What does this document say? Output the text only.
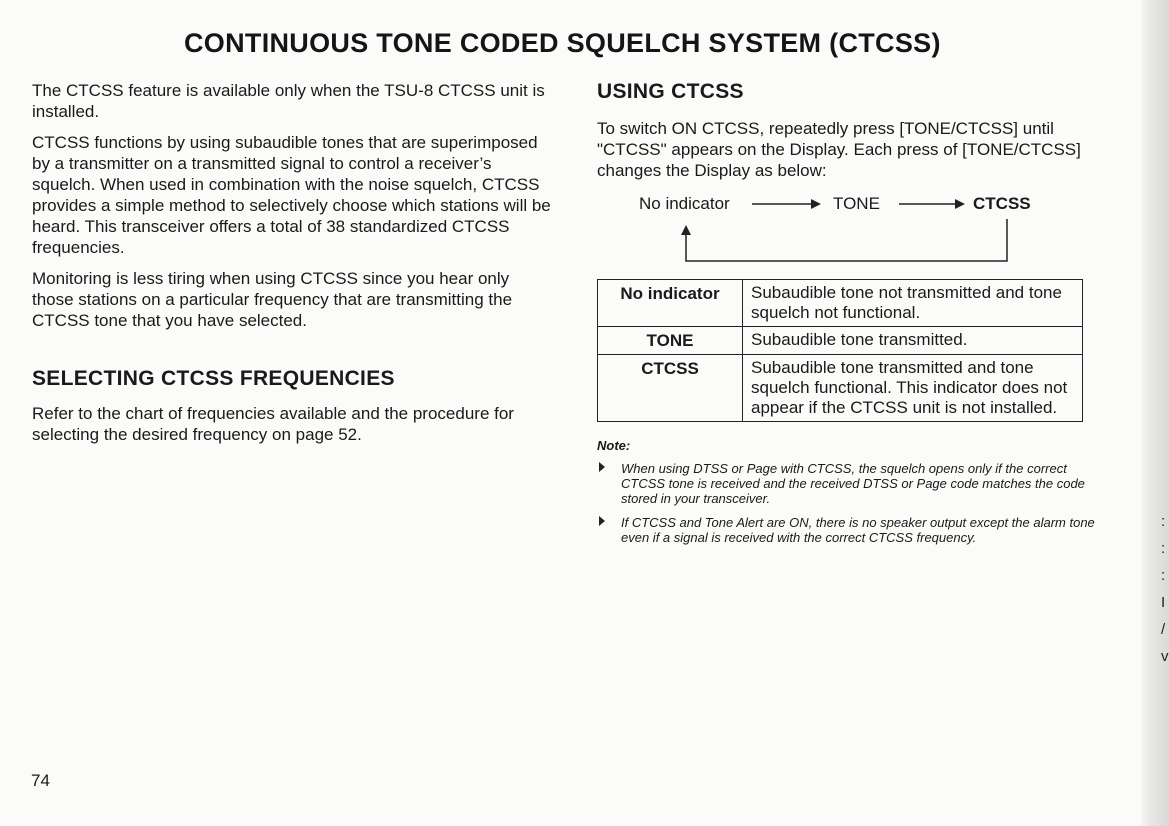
:
:
:
I
/
v
CONTINUOUS TONE CODED SQUELCH SYSTEM (CTCSS)

The CTCSS feature is available only when the TSU-8 CTCSS unit is installed.

CTCSS functions by using subaudible tones that are superimposed by a transmitter on a transmitted signal to control a receiver’s squelch. When used in combination with the noise squelch, CTCSS provides a simple method to selectively choose which stations will be heard. This transceiver offers a total of 38 standardized CTCSS frequencies.

Monitoring is less tiring when using CTCSS since you hear only those stations on a particular frequency that are transmitting the CTCSS tone that you have selected.

SELECTING CTCSS FREQUENCIES

Refer to the chart of frequencies available and the procedure for selecting the desired frequency on page 52.

USING CTCSS

To switch ON CTCSS, repeatedly press [TONE/CTCSS] until "CTCSS" appears on the Display. Each press of [TONE/CTCSS] changes the Display as below:

No indicator	TONE	CTCSS
No indicator	Subaudible tone not transmitted and tone squelch not functional.
TONE	Subaudible tone transmitted.
CTCSS	Subaudible tone transmitted and tone squelch functional. This indicator does not appear if the CTCSS unit is not installed.
Note:
When using DTSS or Page with CTCSS, the squelch opens only if the correct CTCSS tone is received and the received DTSS or Page code matches the code stored in your transceiver.
If CTCSS and Tone Alert are ON, there is no speaker output except the alarm tone even if a signal is received with the correct CTCSS frequency.
74
